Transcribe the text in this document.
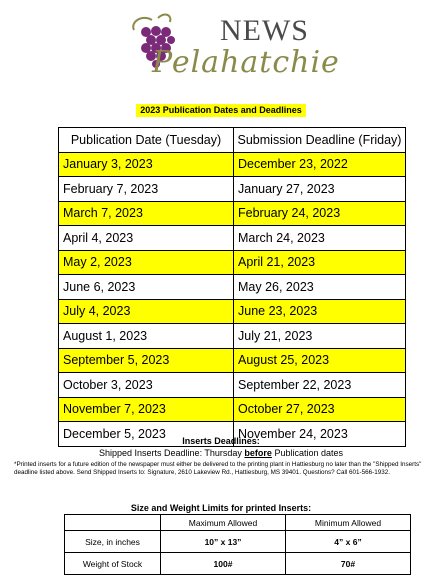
NEWS
Pelahatchie
2023 Publication Dates and Deadlines
Publication Date (Tuesday)	Submission Deadline (Friday)
January 3, 2023	December 23, 2022
February 7, 2023	January 27, 2023
March 7, 2023	February 24, 2023
April 4, 2023	March 24, 2023
May 2, 2023	April 21, 2023
June 6, 2023	May 26, 2023
July 4, 2023	June 23, 2023
August 1, 2023	July 21, 2023
September 5, 2023	August 25, 2023
October 3, 2023	September 22, 2023
November 7, 2023	October 27, 2023
December 5, 2023	November 24, 2023
Inserts Deadlines:
Shipped Inserts Deadline: Thursday before Publication dates
*Printed inserts for a future edition of the newspaper must either be delivered to the printing plant in Hattiesburg no later than the "Shipped Inserts" deadline listed above. Send Shipped Inserts to: Signature, 2610 Lakeview Rd., Hattiesburg, MS 39401. Questions? Call 601-566-1932.
Size and Weight Limits for printed Inserts:
	Maximum Allowed	Minimum Allowed
Size, in inches	10” x 13”	4” x 6”
Weight of Stock	100#	70#
